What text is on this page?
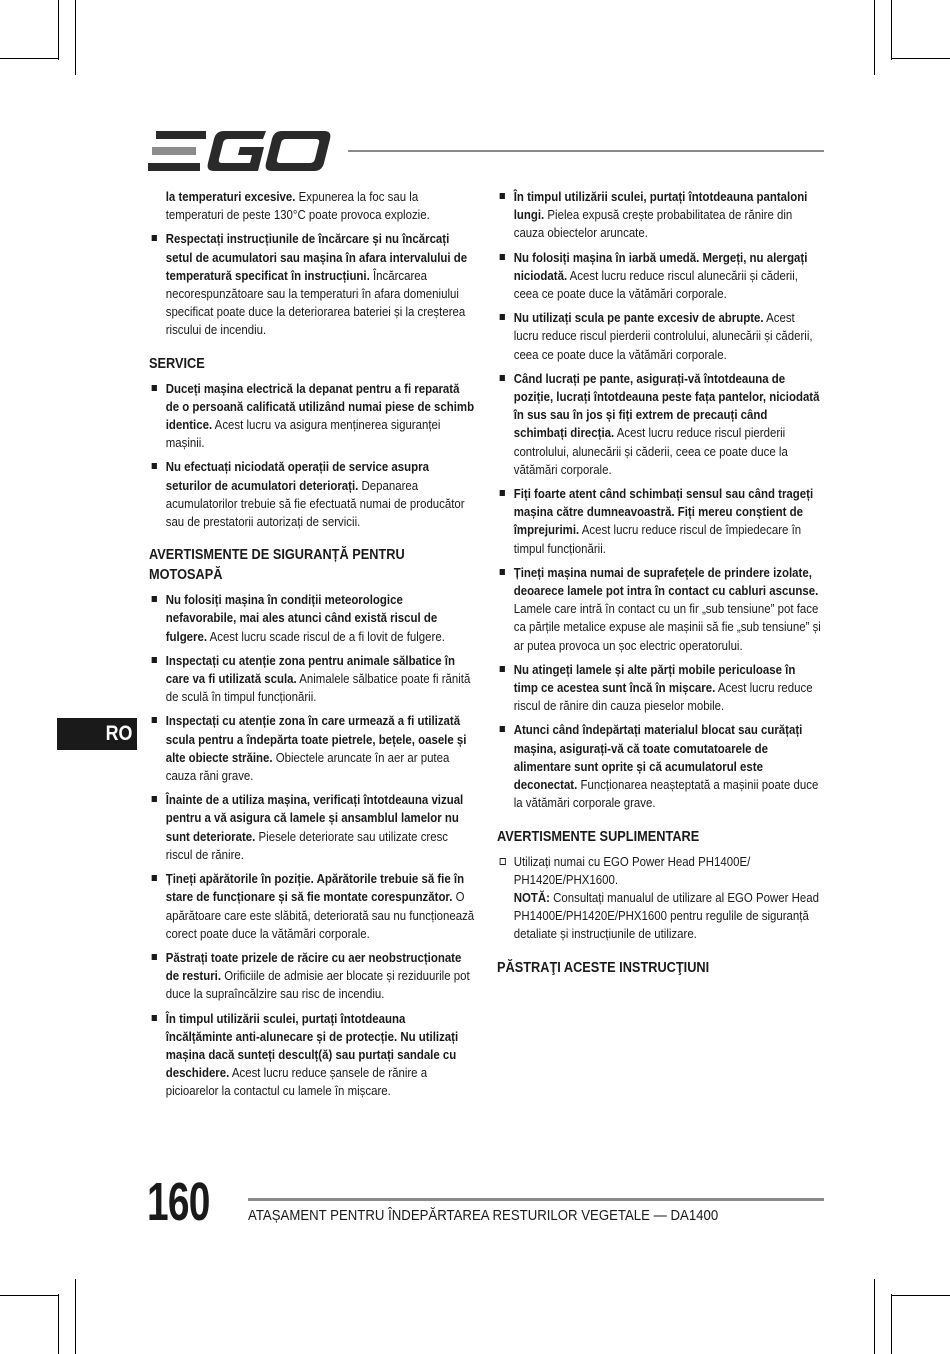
la temperaturi excesive. Expunerea la foc sau la temperaturi de peste 130°C poate provoca explozie.
Respectați instrucțiunile de încărcare și nu încărcați setul de acumulatori sau mașina în afara intervalului de temperatură specificat în instrucțiuni. Încărcarea necorespunzătoare sau la temperaturi în afara domeniului specificat poate duce la deteriorarea bateriei și la creșterea riscului de incendiu.
SERVICE
Duceți mașina electrică la depanat pentru a fi reparată de o persoană calificată utilizând numai piese de schimb identice. Acest lucru va asigura menținerea siguranței mașinii.
Nu efectuați niciodată operații de service asupra seturilor de acumulatori deteriorați. Depanarea acumulatorilor trebuie să fie efectuată numai de producător sau de prestatorii autorizați de servicii.
AVERTISMENTE DE SIGURANȚĂ PENTRU MOTOSAPĂ
Nu folosiți mașina în condiții meteorologice nefavorabile, mai ales atunci când există riscul de fulgere. Acest lucru scade riscul de a fi lovit de fulgere.
Inspectați cu atenție zona pentru animale sălbatice în care va fi utilizată scula. Animalele sălbatice poate fi rănită de sculă în timpul funcționării.
Inspectați cu atenție zona în care urmează a fi utilizată scula pentru a îndepărta toate pietrele, bețele, oasele și alte obiecte străine. Obiectele aruncate în aer ar putea cauza răni grave.
Înainte de a utiliza mașina, verificați întotdeauna vizual pentru a vă asigura că lamele și ansamblul lamelor nu sunt deteriorate. Piesele deteriorate sau utilizate cresc riscul de rănire.
Țineți apărătorile în poziție. Apărătorile trebuie să fie în stare de funcționare și să fie montate corespunzător. O apărătoare care este slăbită, deteriorată sau nu funcționează corect poate duce la vătămări corporale.
Păstrați toate prizele de răcire cu aer neobstrucționate de resturi. Orificiile de admisie aer blocate și reziduurile pot duce la supraîncălzire sau risc de incendiu.
În timpul utilizării sculei, purtați întotdeauna încălțăminte anti-alunecare și de protecție. Nu utilizați mașina dacă sunteți desculț(ă) sau purtați sandale cu deschidere. Acest lucru reduce șansele de rănire a picioarelor la contactul cu lamele în mișcare.
În timpul utilizării sculei, purtați întotdeauna pantaloni lungi. Pielea expusă crește probabilitatea de rănire din cauza obiectelor aruncate.
Nu folosiți mașina în iarbă umedă. Mergeți, nu alergați niciodată. Acest lucru reduce riscul alunecării și căderii, ceea ce poate duce la vătămări corporale.
Nu utilizați scula pe pante excesiv de abrupte. Acest lucru reduce riscul pierderii controlului, alunecării și căderii, ceea ce poate duce la vătămări corporale.
Când lucrați pe pante, asigurați-vă întotdeauna de poziție, lucrați întotdeauna peste fața pantelor, niciodată în sus sau în jos și fiți extrem de precauți când schimbați direcția. Acest lucru reduce riscul pierderii controlului, alunecării și căderii, ceea ce poate duce la vătămări corporale.
Fiți foarte atent când schimbați sensul sau când trageți mașina către dumneavoastră. Fiți mereu conștient de împrejurimi. Acest lucru reduce riscul de împiedecare în timpul funcționării.
Țineți mașina numai de suprafețele de prindere izolate, deoarece lamele pot intra în contact cu cabluri ascunse. Lamele care intră în contact cu un fir „sub tensiune” pot face ca părțile metalice expuse ale mașinii să fie „sub tensiune” și ar putea provoca un șoc electric operatorului.
Nu atingeți lamele și alte părți mobile periculoase în timp ce acestea sunt încă în mișcare. Acest lucru reduce riscul de rănire din cauza pieselor mobile.
Atunci când îndepărtați materialul blocat sau curățați mașina, asigurați-vă că toate comutatoarele de alimentare sunt oprite și că acumulatorul este deconectat. Funcționarea neașteptată a mașinii poate duce la vătămări corporale grave.
AVERTISMENTE SUPLIMENTARE
Utilizați numai cu EGO Power Head PH1400E/ PH1420E/PHX1600.
NOTĂ: Consultați manualul de utilizare al EGO Power Head PH1400E/PH1420E/PHX1600 pentru regulile de siguranță detaliate și instrucțiunile de utilizare.
PĂSTRAŢI ACESTE INSTRUCŢIUNI
RO
160	ATAȘAMENT PENTRU ÎNDEPĂRTAREA RESTURILOR VEGETALE — DA1400
